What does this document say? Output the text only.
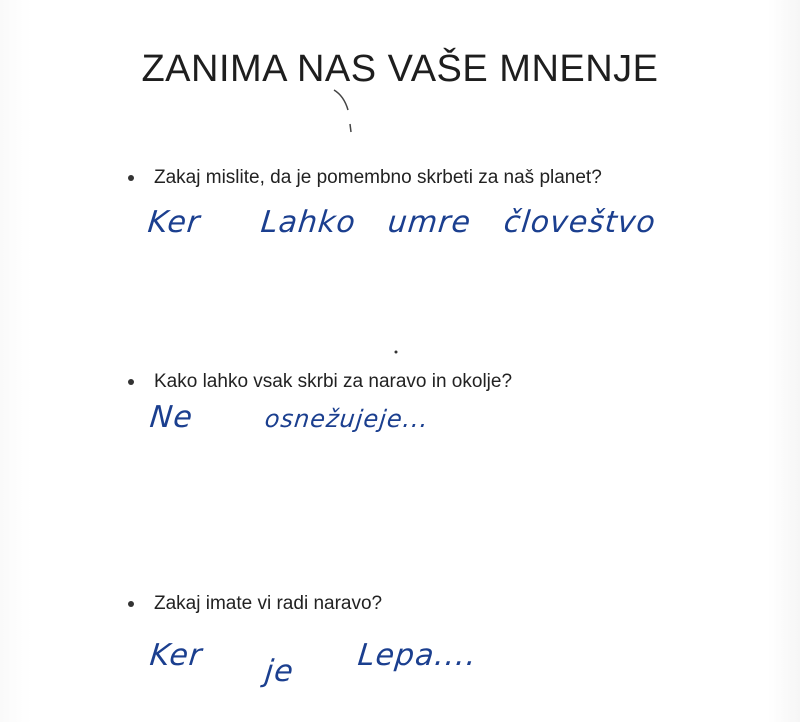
ZANIMA NAS VAŠE MNENJE
Zakaj mislite, da je pomembno skrbeti za naš planet?
Ker Lahko umre človeštvo
Kako lahko vsak skrbi za naravo in okolje?
Ne	osnežujeje...
Zakaj imate vi radi naravo?
Ker je Lepa....
